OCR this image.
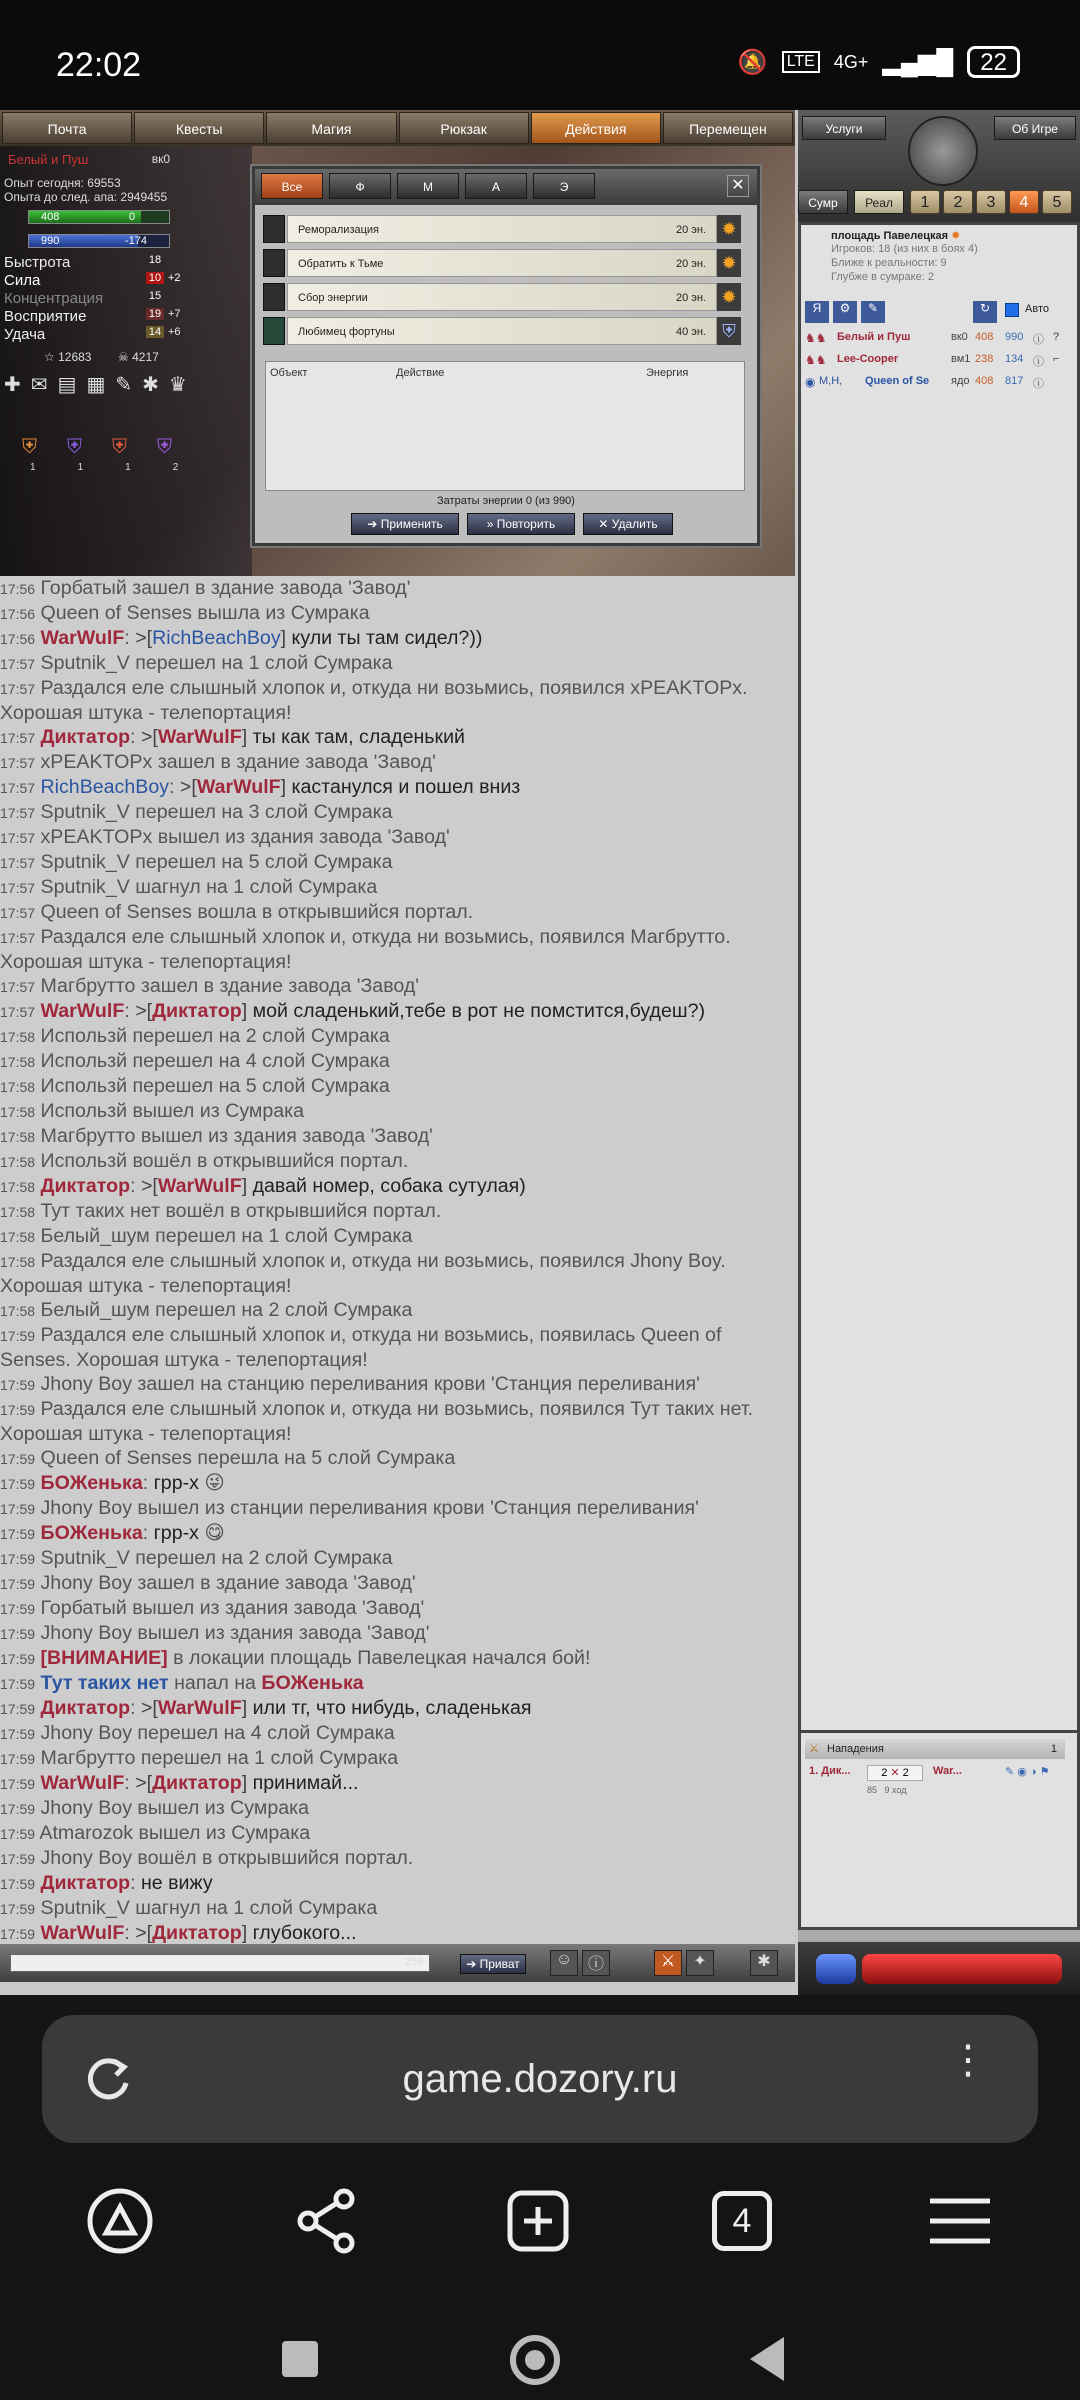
22:02	🔕	LTE 4G+ ▂▄▆█	22
Почта	Квесты	Магия	Рюкзак	Действия	Перемещен
Белый и Пуш	вк0
Опыт сегодня: 69553
Опыта до след. апа: 2949455
408	0
990	-174
Быстрота	18
Сила	10 +2
Концентрация	15
Восприятие	19 +7
Удача	14 +6
☆ 12683 ☠ 4217
✚ ✉ ▤ ▦ ✎ ✱ ♛
⛨ ⛨ ⛨ ⛨
1	1	1	2
Все	Ф	М	А	Э	✕
Реморализация	20 эн. ✹
Обратить к Тьме	20 эн. ✹
Сбор энергии	20 эн. ✹
Любимец фортуны	40 эн. ⛨
Объект	Действие	Энергия
Затраты энергии 0 (из 990)
➔ Применить	» Повторить	✕ Удалить
17:56 Горбатый зашел в здание завода 'Завод'
17:56 Queen of Senses вышла из Сумрака
17:56 WarWulF: >[RichBeachBoy] кули ты там сидел?))
17:57 Sputnik_V перешел на 1 слой Сумрака
17:57 Раздался еле слышный хлопок и, откуда ни возьмись, появился xPEAKTOPx. Хорошая штука - телепортация!
17:57 Диктатор: >[WarWulF] ты как там, сладенький
17:57 xPEAKTOPx зашел в здание завода 'Завод'
17:57 RichBeachBoy: >[WarWulF] кастанулся и пошел вниз
17:57 Sputnik_V перешел на 3 слой Сумрака
17:57 xPEAKTOPx вышел из здания завода 'Завод'
17:57 Sputnik_V перешел на 5 слой Сумрака
17:57 Sputnik_V шагнул на 1 слой Сумрака
17:57 Queen of Senses вошла в открывшийся портал.
17:57 Раздался еле слышный хлопок и, откуда ни возьмись, появился Магбрутто. Хорошая штука - телепортация!
17:57 Магбрутто зашел в здание завода 'Завод'
17:57 WarWulF: >[Диктатор] мой сладенький,тебе в рот не помстится,будеш?)
17:58 Использй перешел на 2 слой Сумрака
17:58 Использй перешел на 4 слой Сумрака
17:58 Использй перешел на 5 слой Сумрака
17:58 Использй вышел из Сумрака
17:58 Магбрутто вышел из здания завода 'Завод'
17:58 Использй вошёл в открывшийся портал.
17:58 Диктатор: >[WarWulF] давай номер, собака сутулая)
17:58 Тут таких нет вошёл в открывшийся портал.
17:58 Белый_шум перешел на 1 слой Сумрака
17:58 Раздался еле слышный хлопок и, откуда ни возьмись, появился Jhony Boy. Хорошая штука - телепортация!
17:58 Белый_шум перешел на 2 слой Сумрака
17:59 Раздался еле слышный хлопок и, откуда ни возьмись, появилась Queen of Senses. Хорошая штука - телепортация!
17:59 Jhony Boy зашел на станцию переливания крови 'Станция переливания'
17:59 Раздался еле слышный хлопок и, откуда ни возьмись, появился Тут таких нет. Хорошая штука - телепортация!
17:59 Queen of Senses перешла на 5 слой Сумрака
17:59 БОЖенька: грр-х 😜
17:59 Jhony Boy вышел из станции переливания крови 'Станция переливания'
17:59 БОЖенька: грр-х 😋
17:59 Sputnik_V перешел на 2 слой Сумрака
17:59 Jhony Boy зашел в здание завода 'Завод'
17:59 Горбатый вышел из здания завода 'Завод'
17:59 Jhony Boy вышел из здания завода 'Завод'
17:59 [ВНИМАНИЕ] в локации площадь Павелецкая начался бой!
17:59 Тут таких нет напал на БОЖенька
17:59 Диктатор: >[WarWulF] или тг, что нибудь, сладенькая
17:59 Jhony Boy перешел на 4 слой Сумрака
17:59 Магбрутто перешел на 1 слой Сумрака
17:59 WarWulF: >[Диктатор] принимай...
17:59 Jhony Boy вышел из Сумрака
17:59 Atmarozok вышел из Сумрака
17:59 Jhony Boy вошёл в открывшийся портал.
17:59 Диктатор: не вижу
17:59 Sputnik_V шагнул на 1 слой Сумрака
17:59 WarWulF: >[Диктатор] глубокого...
256	➔ Приват	☺ ⓘ	⚔	✦	✱
Услуги	Об Игре
Сумр	Реал	1	2	3	4	5
площадь Павелецкая ✹
Игроков: 18 (из них в боях 4)
Ближе к реальности: 9
Глубже в сумраке: 2
Я	⚙	✎	↻	Авто
♞♞ Белый и Пуш	вк0 408 990 ⓘ ?
♞♞ Lee-Cooper	вм1 238 134 ⓘ ⌐
◉ М,Н, Queen of Se ядо 408 817 ⓘ
⚔ Нападения	1
1. Дик...	2 ✕ 2	War...	✎ ◉ ◑ ⚑
85 9 ход
game.dozory.ru	⋮
4
